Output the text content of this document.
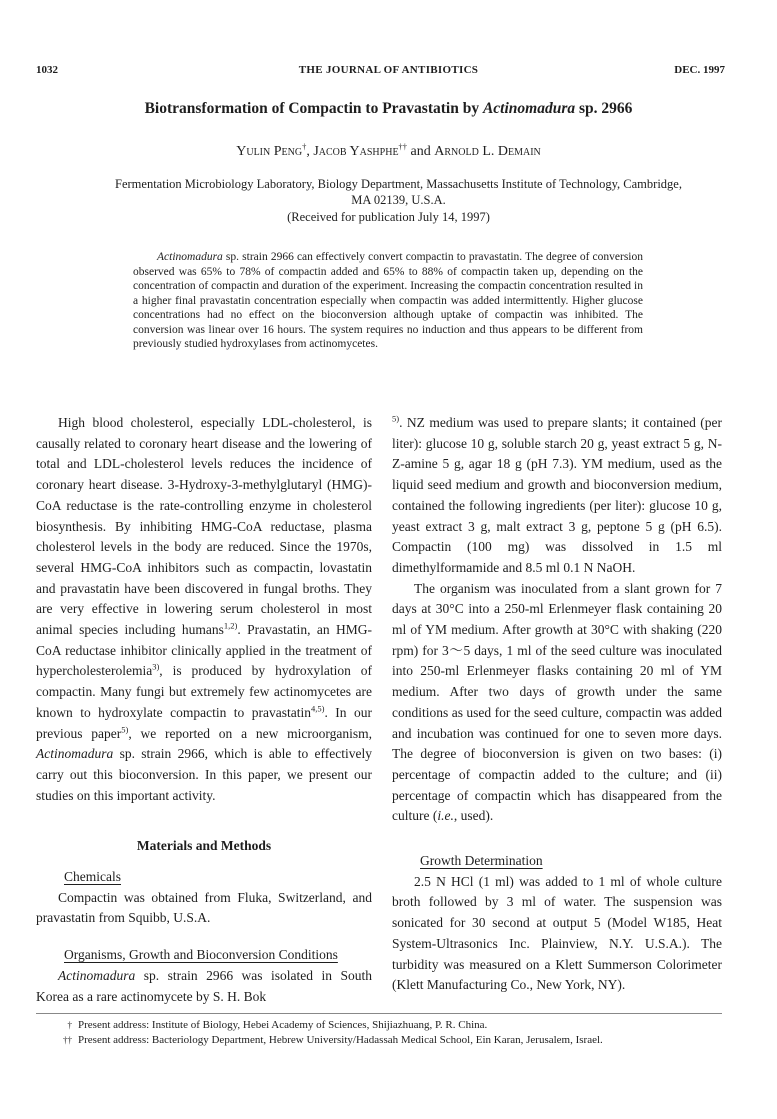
1032	THE JOURNAL OF ANTIBIOTICS	DEC. 1997
Biotransformation of Compactin to Pravastatin by Actinomadura sp. 2966
Yulin Peng†, Jacob Yashphe†† and Arnold L. Demain
Fermentation Microbiology Laboratory, Biology Department, Massachusetts Institute of Technology, Cambridge, MA 02139, U.S.A.
(Received for publication July 14, 1997)
Actinomadura sp. strain 2966 can effectively convert compactin to pravastatin. The degree of conversion observed was 65% to 78% of compactin added and 65% to 88% of compactin taken up, depending on the concentration of compactin and duration of the experiment. Increasing the compactin concentration resulted in a higher final pravastatin concentration especially when compactin was added intermittently. Higher glucose concentrations had no effect on the bioconversion although uptake of compactin was inhibited. The conversion was linear over 16 hours. The system requires no induction and thus appears to be different from previously studied hydroxylases from actinomycetes.

High blood cholesterol, especially LDL-cholesterol, is causally related to coronary heart disease and the lowering of total and LDL-cholesterol levels reduces the incidence of coronary heart disease. 3-Hydroxy-3-methylglutaryl (HMG)-CoA reductase is the rate-controlling enzyme in cholesterol biosynthesis. By inhibiting HMG-CoA reductase, plasma cholesterol levels in the body are reduced. Since the 1970s, several HMG-CoA inhibitors such as compactin, lovastatin and pravastatin have been discovered in fungal broths. They are very effective in lowering serum cholesterol in most animal species including humans$^{1,2)}$. Pravastatin, an HMG-CoA reductase inhibitor clinically applied in the treatment of hypercholesterolemia$^{3)}$, is produced by hydroxylation of compactin. Many fungi but extremely few actinomycetes are known to hydroxylate compactin to pravastatin$^{4,5)}$. In our previous paper$^{5)}$, we reported on a new microorganism, Actinomadura sp. strain 2966, which is able to effectively carry out this bioconversion. In this paper, we present our studies on this important activity.

Materials and Methods
Chemicals

Compactin was obtained from Fluka, Switzerland, and pravastatin from Squibb, U.S.A.

Organisms, Growth and Bioconversion Conditions

Actinomadura sp. strain 2966 was isolated in South Korea as a rare actinomycete by S. H. Bok

$^{5)}$. NZ medium was used to prepare slants; it contained (per liter): glucose 10 g, soluble starch 20 g, yeast extract 5 g, N-Z-amine 5 g, agar 18 g (pH 7.3). YM medium, used as the liquid seed medium and growth and bioconversion medium, contained the following ingredients (per liter): glucose 10 g, yeast extract 3 g, malt extract 3 g, peptone 5 g (pH 6.5). Compactin (100 mg) was dissolved in 1.5 ml dimethylformamide and 8.5 ml 0.1 N NaOH.

The organism was inoculated from a slant grown for 7 days at 30°C into a 250-ml Erlenmeyer flask containing 20 ml of YM medium. After growth at 30°C with shaking (220 rpm) for 3～5 days, 1 ml of the seed culture was inoculated into 250-ml Erlenmeyer flasks containing 20 ml of YM medium. After two days of growth under the same conditions as used for the seed culture, compactin was added and incubation was continued for one to seven more days. The degree of bioconversion is given on two bases: (i) percentage of compactin added to the culture; and (ii) percentage of compactin which has disappeared from the culture (i.e., used).

Growth Determination

2.5 N HCl (1 ml) was added to 1 ml of whole culture broth followed by 3 ml of water. The suspension was sonicated for 30 second at output 5 (Model W185, Heat System-Ultrasonics Inc. Plainview, N.Y. U.S.A.). The turbidity was measured on a Klett Summerson Colorimeter (Klett Manufacturing Co., New York, NY).

† Present address: Institute of Biology, Hebei Academy of Sciences, Shijiazhuang, P. R. China.
†† Present address: Bacteriology Department, Hebrew University/Hadassah Medical School, Ein Karan, Jerusalem, Israel.
